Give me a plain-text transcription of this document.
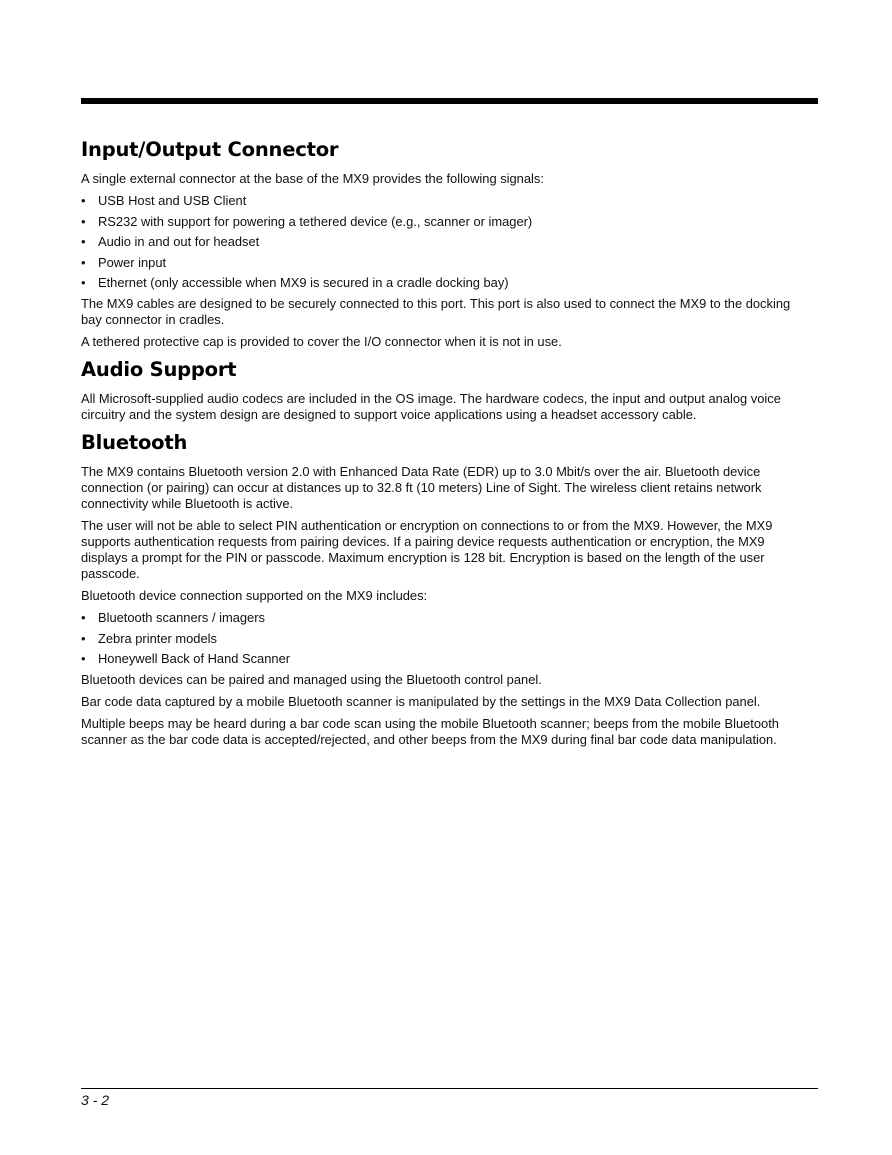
Input/Output Connector

A single external connector at the base of the MX9 provides the following signals:

• USB Host and USB Client
• RS232 with support for powering a tethered device (e.g., scanner or imager)
• Audio in and out for headset
• Power input
• Ethernet (only accessible when MX9 is secured in a cradle docking bay)

The MX9 cables are designed to be securely connected to this port. This port is also used to connect the MX9 to the docking bay connector in cradles.

A tethered protective cap is provided to cover the I/O connector when it is not in use.

Audio Support

All Microsoft-supplied audio codecs are included in the OS image. The hardware codecs, the input and output analog voice circuitry and the system design are designed to support voice applications using a headset accessory cable.

Bluetooth

The MX9 contains Bluetooth version 2.0 with Enhanced Data Rate (EDR) up to 3.0 Mbit/s over the air. Bluetooth device connection (or pairing) can occur at distances up to 32.8 ft (10 meters) Line of Sight. The wireless client retains network connectivity while Bluetooth is active.

The user will not be able to select PIN authentication or encryption on connections to or from the MX9. However, the MX9 supports authentication requests from pairing devices. If a pairing device requests authentication or encryption, the MX9 displays a prompt for the PIN or passcode. Maximum encryption is 128 bit. Encryption is based on the length of the user passcode.

Bluetooth device connection supported on the MX9 includes:

• Bluetooth scanners / imagers
• Zebra printer models
• Honeywell Back of Hand Scanner

Bluetooth devices can be paired and managed using the Bluetooth control panel.

Bar code data captured by a mobile Bluetooth scanner is manipulated by the settings in the MX9 Data Collection panel.

Multiple beeps may be heard during a bar code scan using the mobile Bluetooth scanner; beeps from the mobile Bluetooth scanner as the bar code data is accepted/rejected, and other beeps from the MX9 during final bar code data manipulation.

3 - 2
